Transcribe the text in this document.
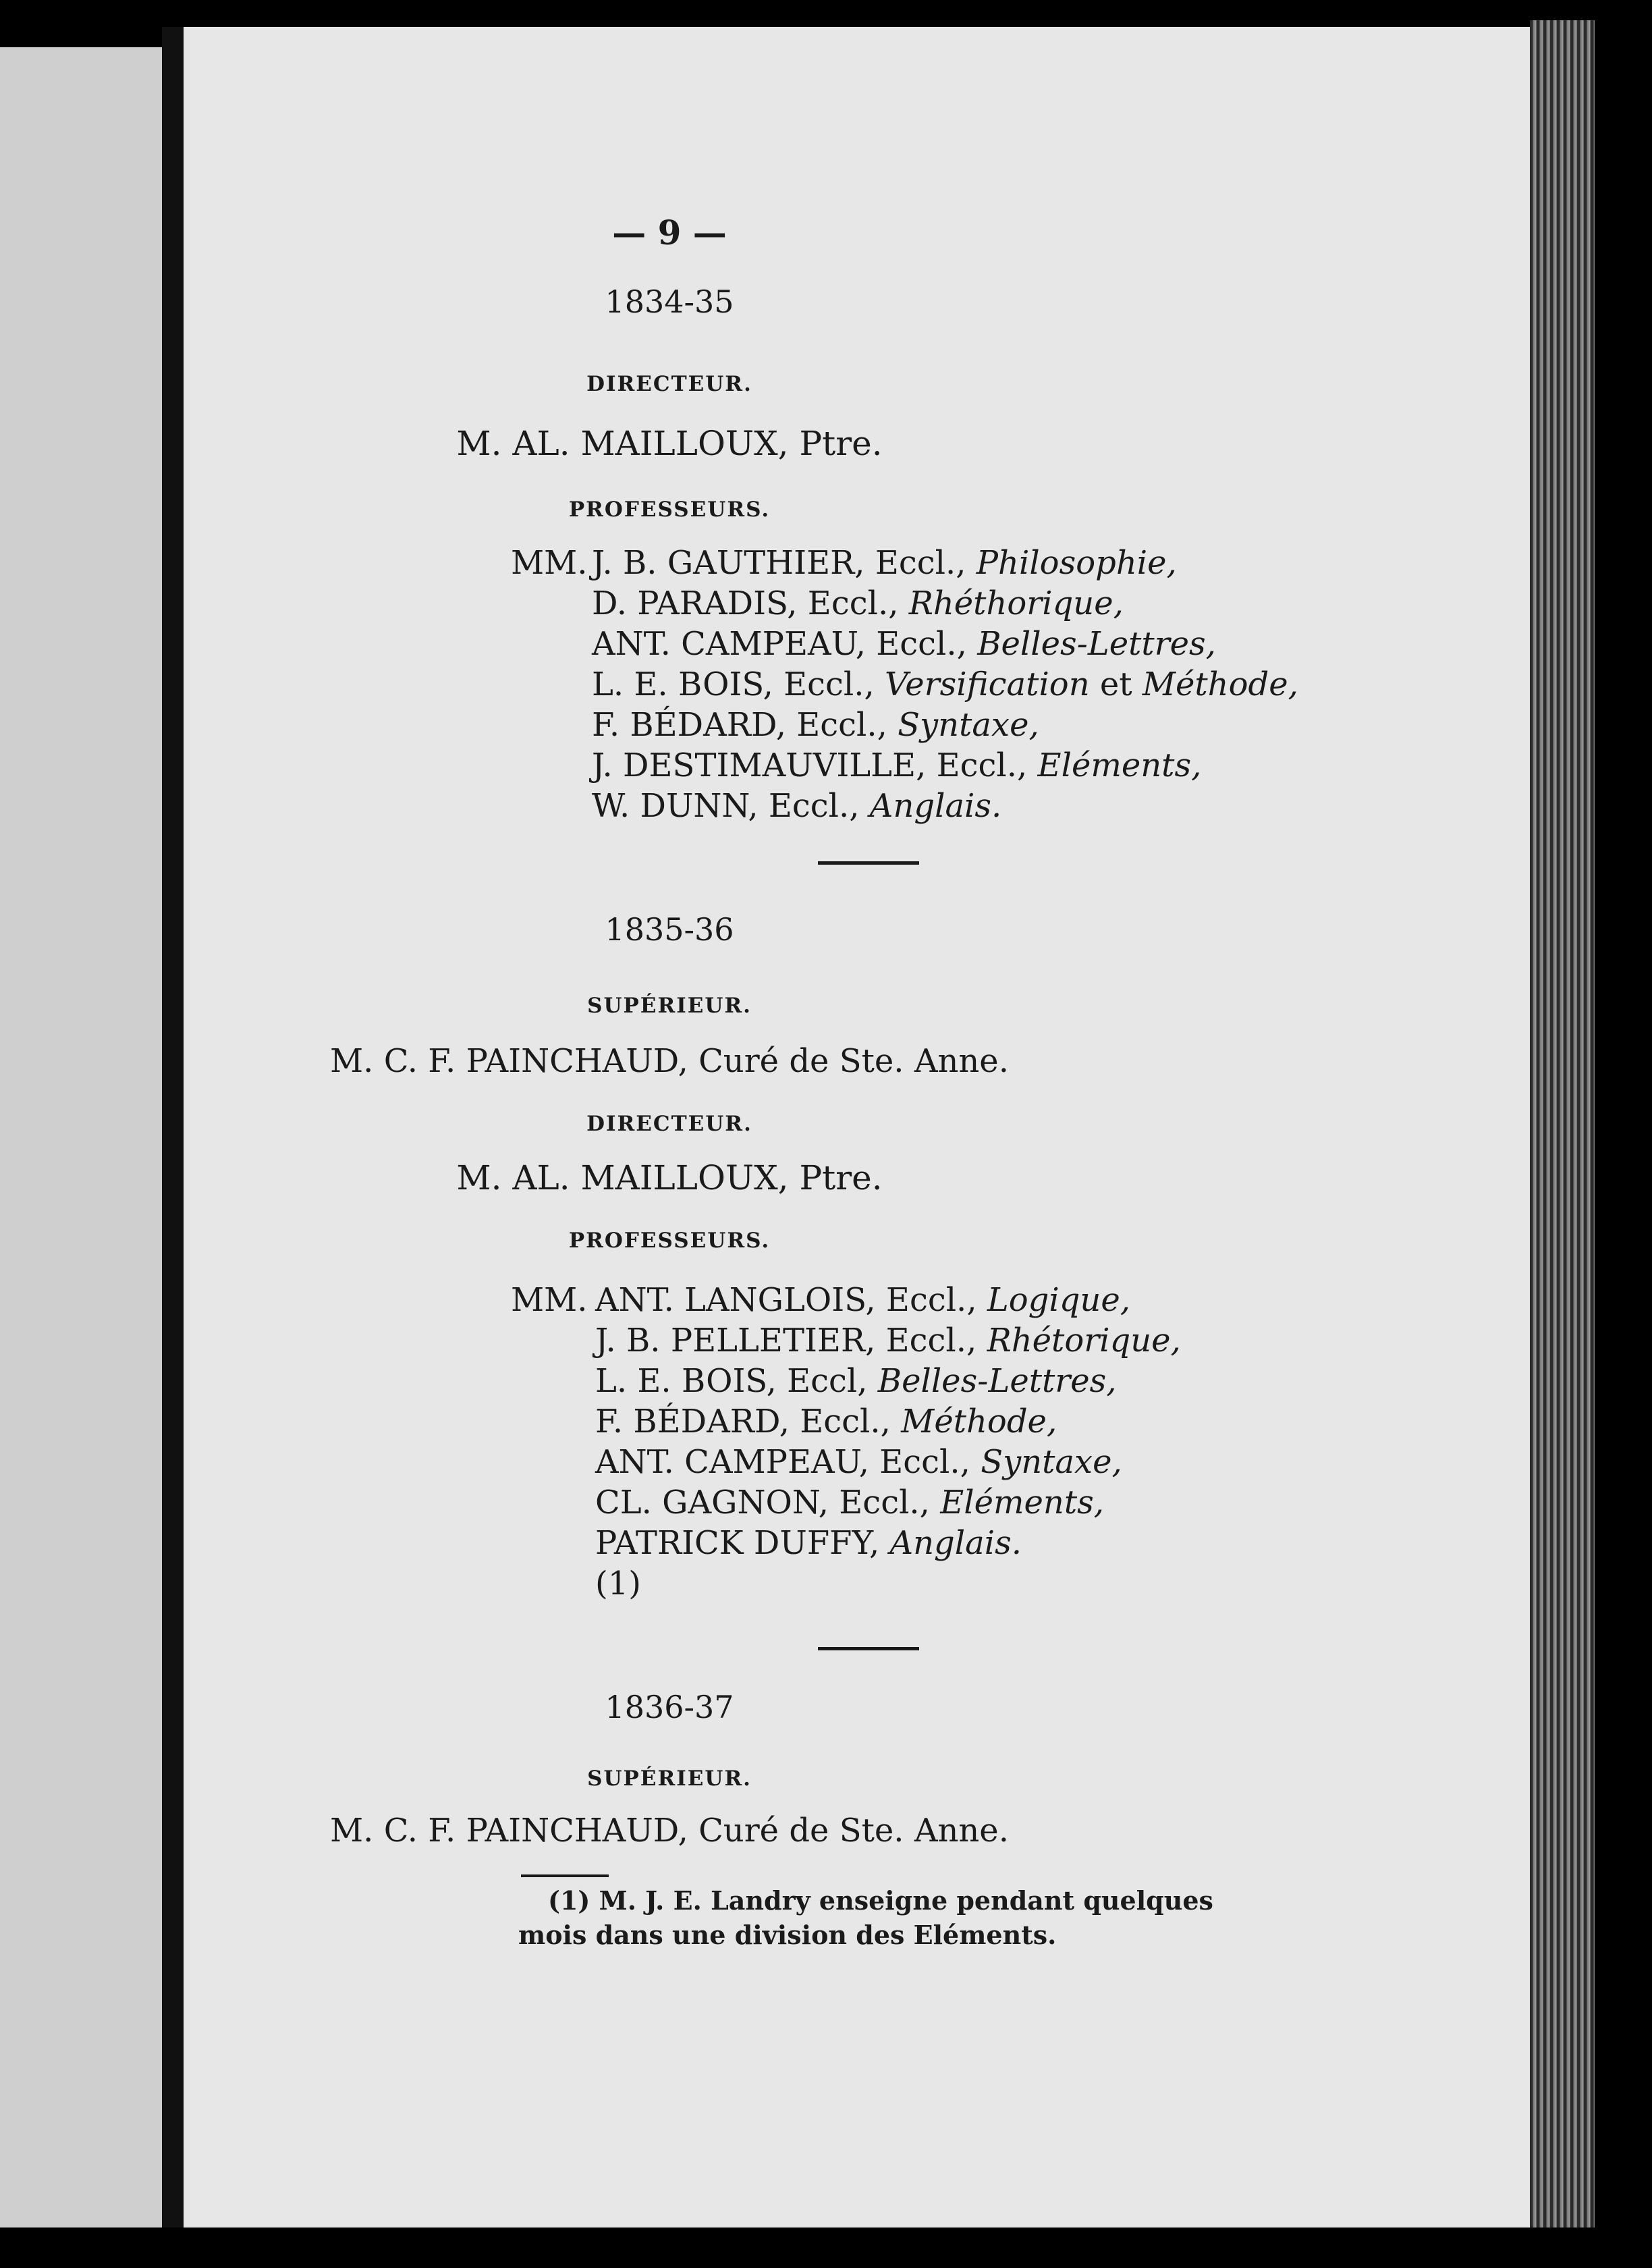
— 9 —
1834-35
DIRECTEUR.
M. AL. MAILLOUX, Ptre.
PROFESSEURS.
MM. J. B. GAUTHIER, Eccl., Philosophie,
D. PARADIS, Eccl., Rhéthorique,
ANT. CAMPEAU, Eccl., Belles-Lettres,
L. E. BOIS, Eccl., Versification et Méthode,
F. BÉDARD, Eccl., Syntaxe,
J. DESTIMAUVILLE, Eccl., Eléments,
W. DUNN, Eccl., Anglais.
1835-36
SUPÉRIEUR.
M. C. F. PAINCHAUD, Curé de Ste. Anne.
DIRECTEUR.
M. AL. MAILLOUX, Ptre.
PROFESSEURS.
MM. ANT. LANGLOIS, Eccl., Logique,
J. B. PELLETIER, Eccl., Rhétorique,
L. E. BOIS, Eccl, Belles-Lettres,
F. BÉDARD, Eccl., Méthode,
ANT. CAMPEAU, Eccl., Syntaxe,
CL. GAGNON, Eccl., Eléments,
PATRICK DUFFY, Anglais.
(1)
1836-37
SUPÉRIEUR.
M. C. F. PAINCHAUD, Curé de Ste. Anne.
(1) M. J. E. Landry enseigne pendant quelques
mois dans une division des Eléments.
